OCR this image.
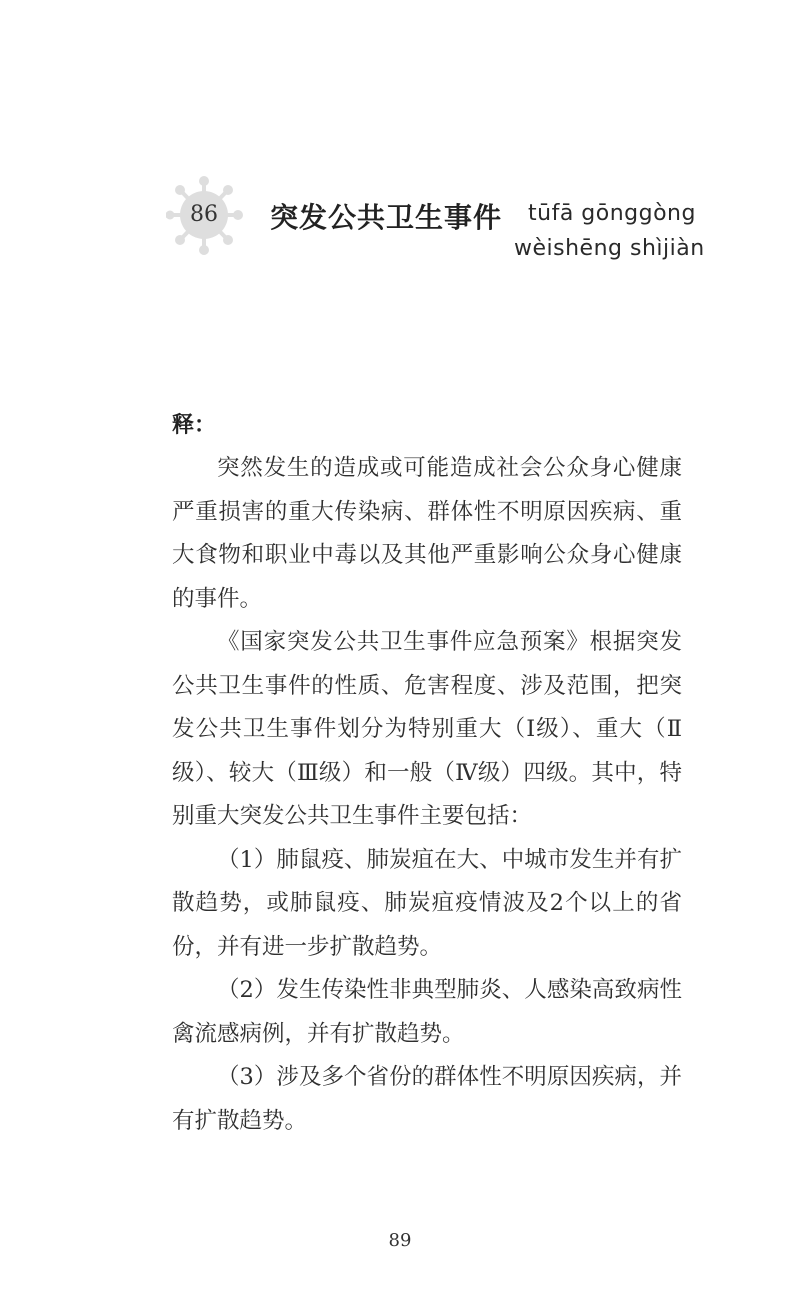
86	突发公共卫生事件 tūfā gōnggòng
wèishēng shìjiàn
释：

突然发生的造成或可能造成社会公众身心健康严重损害的重大传染病、群体性不明原因疾病、重大食物和职业中毒以及其他严重影响公众身心健康的事件。

《国家突发公共卫生事件应急预案》根据突发公共卫生事件的性质、危害程度、涉及范围，把突发公共卫生事件划分为特别重大（Ⅰ级）、重大（Ⅱ级）、较大（Ⅲ级）和一般（Ⅳ级）四级。其中，特别重大突发公共卫生事件主要包括：

（1）肺鼠疫、肺炭疽在大、中城市发生并有扩散趋势，或肺鼠疫、肺炭疽疫情波及2个以上的省份，并有进一步扩散趋势。

（2）发生传染性非典型肺炎、人感染高致病性禽流感病例，并有扩散趋势。

（3）涉及多个省份的群体性不明原因疾病，并有扩散趋势。

89
